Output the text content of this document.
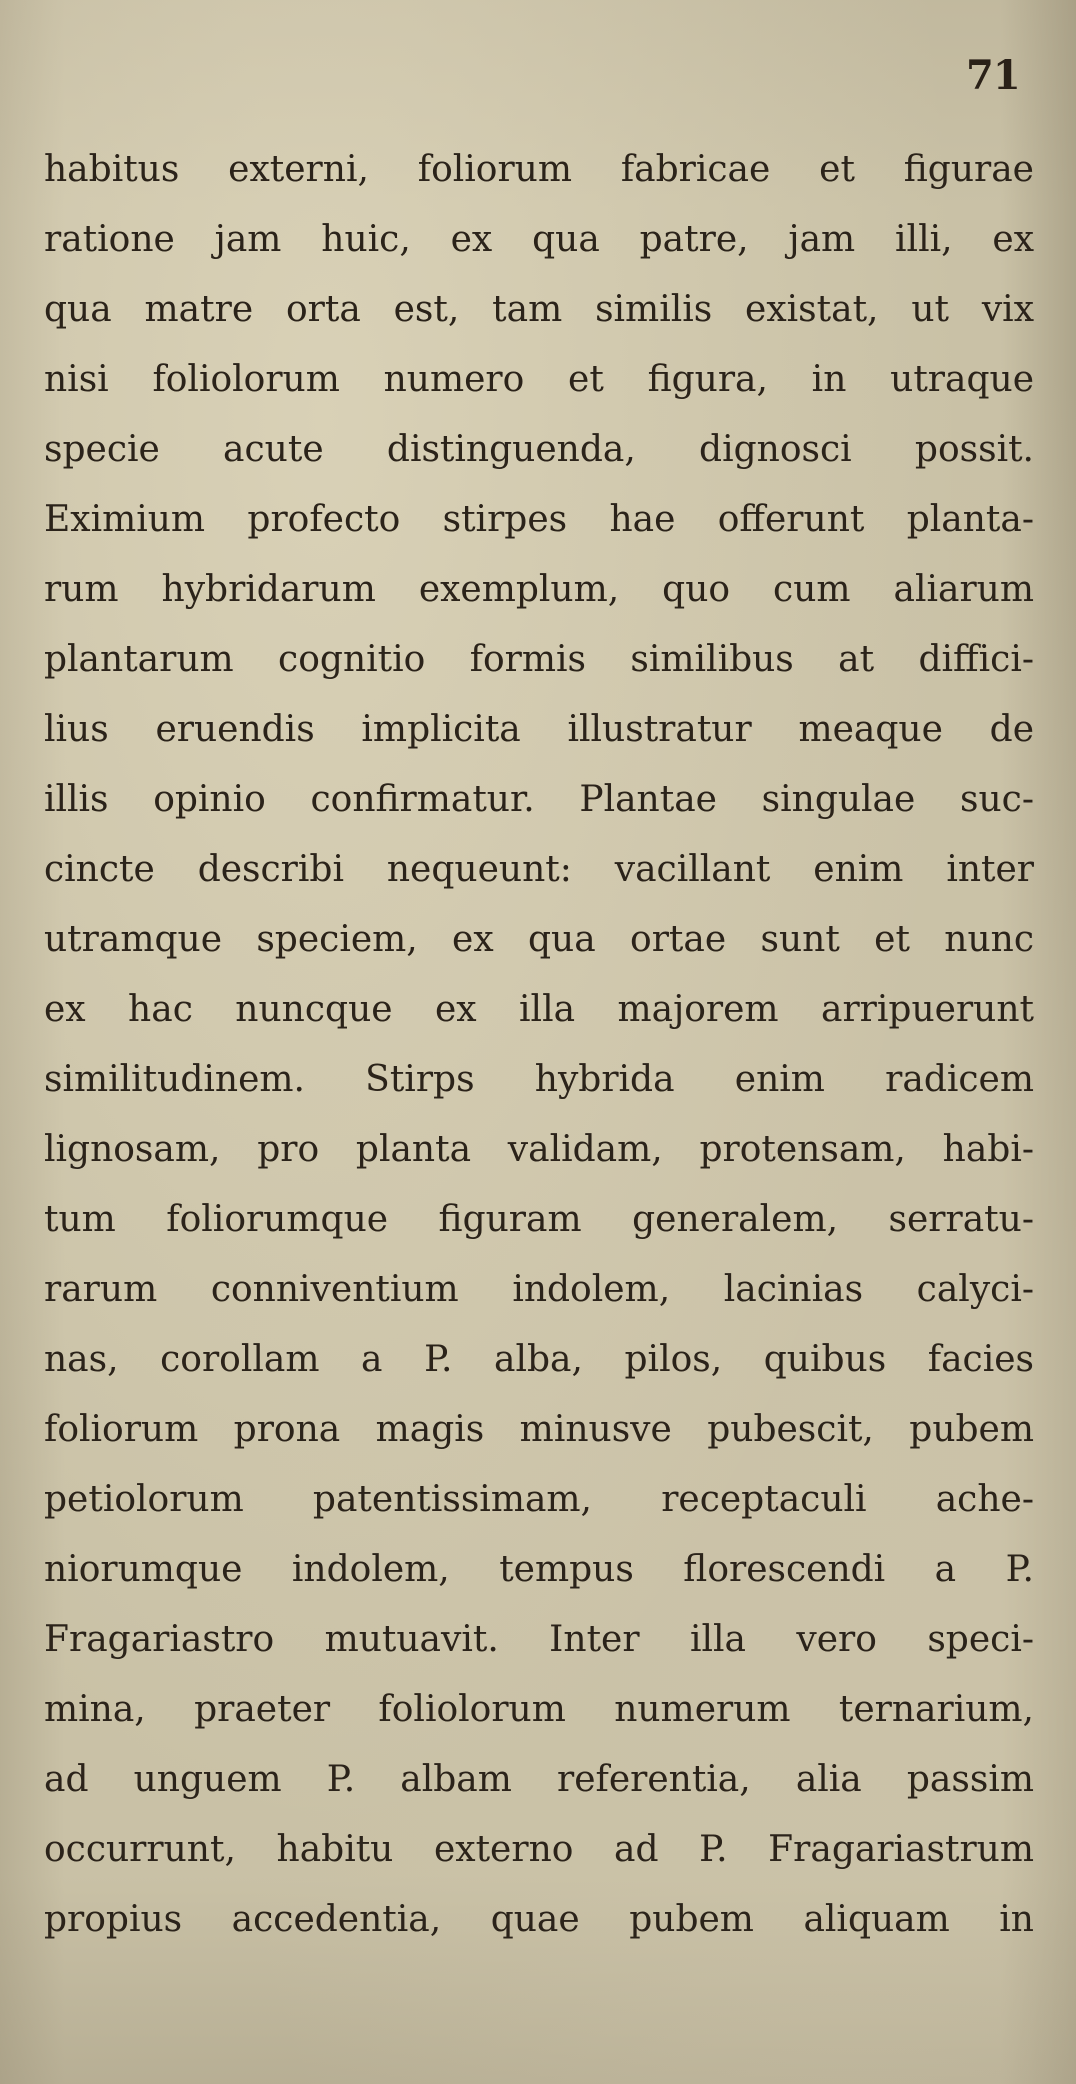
71
habitus externi, foliorum fabricae et figurae
ratione jam huic, ex qua patre, jam illi, ex
qua matre orta est, tam similis existat, ut vix
nisi foliolorum numero et figura, in utraque
specie acute distinguenda, dignosci possit.
Eximium profecto stirpes hae offerunt planta-
rum hybridarum exemplum, quo cum aliarum
plantarum cognitio formis similibus at diffici-
lius eruendis implicita illustratur meaque de
illis opinio confirmatur. Plantae singulae suc-
cincte describi nequeunt: vacillant enim inter
utramque speciem, ex qua ortae sunt et nunc
ex hac nuncque ex illa majorem arripuerunt
similitudinem. Stirps hybrida enim radicem
lignosam, pro planta validam, protensam, habi-
tum foliorumque figuram generalem, serratu-
rarum conniventium indolem, lacinias calyci-
nas, corollam a P. alba, pilos, quibus facies
foliorum prona magis minusve pubescit, pubem
petiolorum patentissimam, receptaculi ache-
niorumque indolem, tempus florescendi a P.
Fragariastro mutuavit. Inter illa vero speci-
mina, praeter foliolorum numerum ternarium,
ad unguem P. albam referentia, alia passim
occurrunt, habitu externo ad P. Fragariastrum
propius accedentia, quae pubem aliquam in
